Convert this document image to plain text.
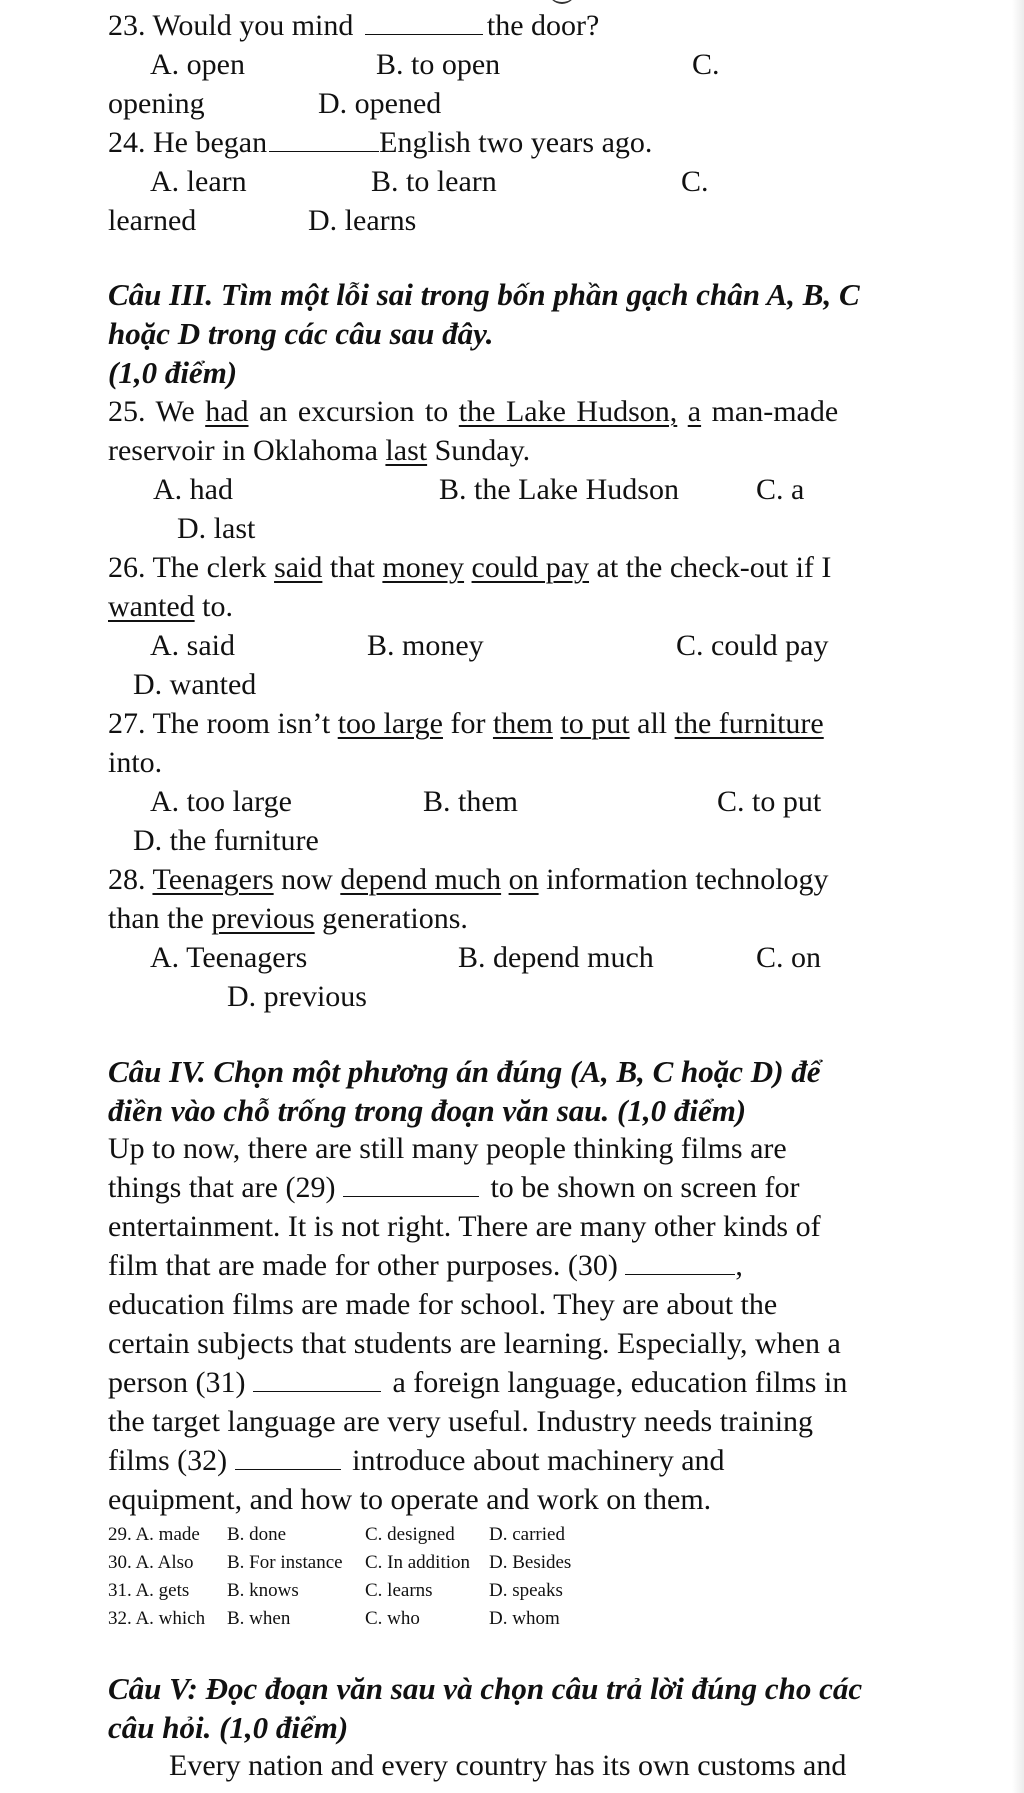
23. Would you mind	the door?
A. open	B. to open	C.
opening	D. opened
24. He began	English two years ago.
A. learn	B. to learn	C.
learned	D. learns
Câu III. Tìm một lỗi sai trong bốn phần gạch chân A, B, C
hoặc D trong các câu sau đây.
(1,0 điểm)
25. We had an excursion to the Lake Hudson, a man-made
reservoir in Oklahoma last Sunday.
A. had	B. the Lake Hudson	C. a
D. last
26. The clerk said that money could pay at the check-out if I
wanted to.
A. said	B. money	C. could pay
D. wanted
27. The room isn’t too large for them to put all the furniture
into.
A. too large	B. them	C. to put
D. the furniture
28. Teenagers now depend much on information technology
than the previous generations.
A. Teenagers	B. depend much	C. on
D. previous
Câu IV. Chọn một phương án đúng (A, B, C hoặc D) để
điền vào chỗ trống trong đoạn văn sau. (1,0 điểm)
Up to now, there are still many people thinking films are
things that are (29)	to be shown on screen for
entertainment. It is not right. There are many other kinds of
film that are made for other purposes. (30)	,
education films are made for school. They are about the
certain subjects that students are learning. Especially, when a
person (31)	a foreign language, education films in
the target language are very useful. Industry needs training
films (32)	introduce about machinery and
equipment, and how to operate and work on them.
29. A. made B. done	C. designed D. carried
30. A. Also B. For instance C. In addition D. Besides
31. A. gets B. knows	C. learns	D. speaks
32. A. which B. when	C. who	D. whom
Câu V: Đọc đoạn văn sau và chọn câu trả lời đúng cho các
câu hỏi. (1,0 điểm)
Every nation and every country has its own customs and
